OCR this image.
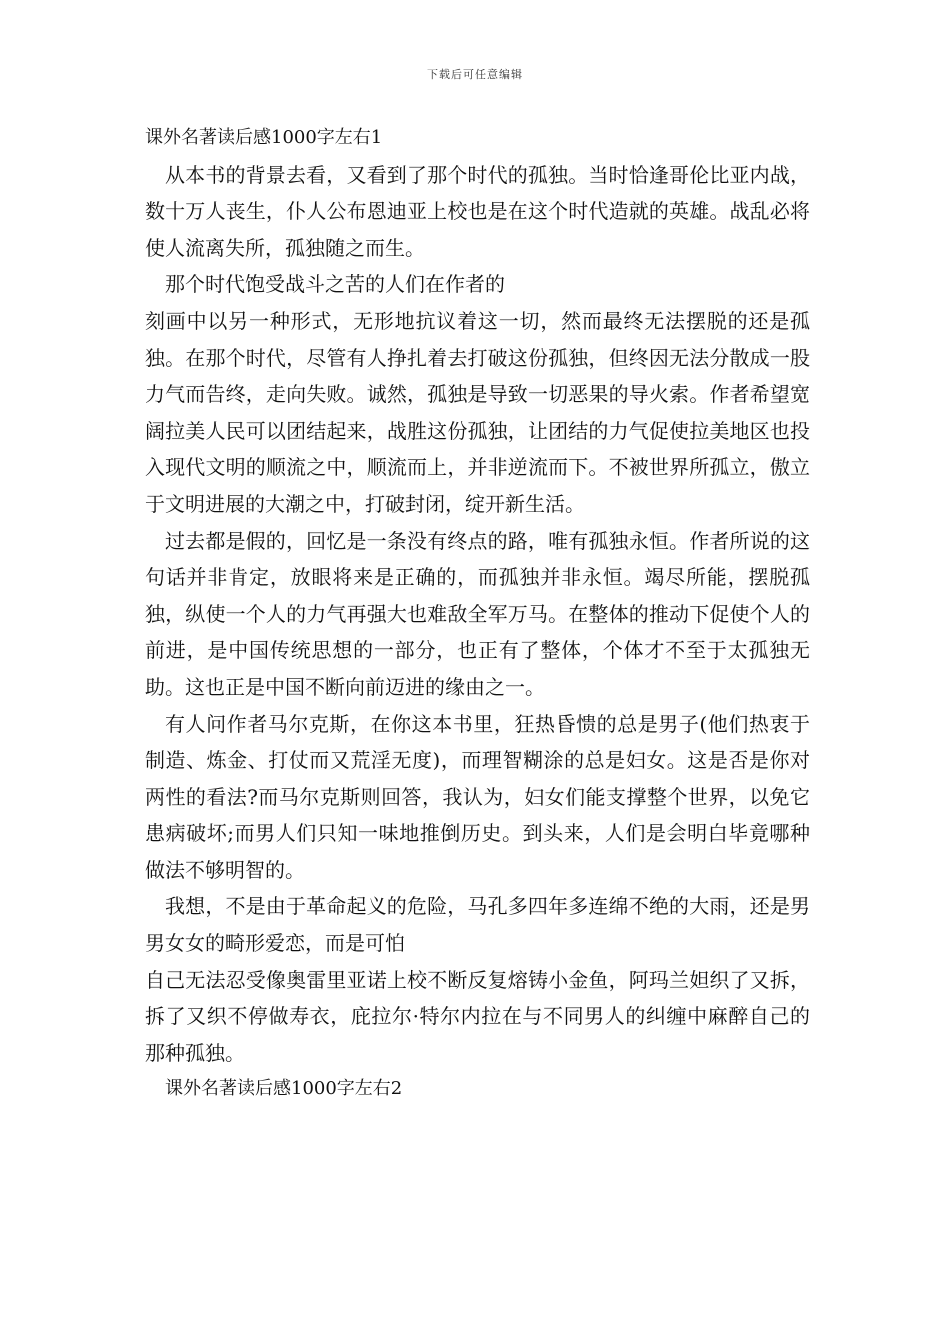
下载后可任意编辑

课外名著读后感1000字左右1

从本书的背景去看，又看到了那个时代的孤独。当时恰逢哥伦比亚内战，数十万人丧生，仆人公布恩迪亚上校也是在这个时代造就的英雄。战乱必将使人流离失所，孤独随之而生。

那个时代饱受战斗之苦的人们在作者的

刻画中以另一种形式，无形地抗议着这一切，然而最终无法摆脱的还是孤独。在那个时代，尽管有人挣扎着去打破这份孤独，但终因无法分散成一股力气而告终，走向失败。诚然，孤独是导致一切恶果的导火索。作者希望宽阔拉美人民可以团结起来，战胜这份孤独，让团结的力气促使拉美地区也投入现代文明的顺流之中，顺流而上，并非逆流而下。不被世界所孤立，傲立于文明进展的大潮之中，打破封闭，绽开新生活。

过去都是假的，回忆是一条没有终点的路，唯有孤独永恒。作者所说的这句话并非肯定，放眼将来是正确的，而孤独并非永恒。竭尽所能，摆脱孤独，纵使一个人的力气再强大也难敌全军万马。在整体的推动下促使个人的前进，是中国传统思想的一部分，也正有了整体，个体才不至于太孤独无助。这也正是中国不断向前迈进的缘由之一。

有人问作者马尔克斯，在你这本书里，狂热昏愦的总是男子(他们热衷于制造、炼金、打仗而又荒淫无度)，而理智糊涂的总是妇女。这是否是你对两性的看法?而马尔克斯则回答，我认为，妇女们能支撑整个世界，以免它患病破坏;而男人们只知一味地推倒历史。到头来，人们是会明白毕竟哪种做法不够明智的。

我想，不是由于革命起义的危险，马孔多四年多连绵不绝的大雨，还是男男女女的畸形爱恋，而是可怕

自己无法忍受像奥雷里亚诺上校不断反复熔铸小金鱼，阿玛兰妲织了又拆，拆了又织不停做寿衣，庇拉尔·特尔内拉在与不同男人的纠缠中麻醉自己的那种孤独。

课外名著读后感1000字左右2
